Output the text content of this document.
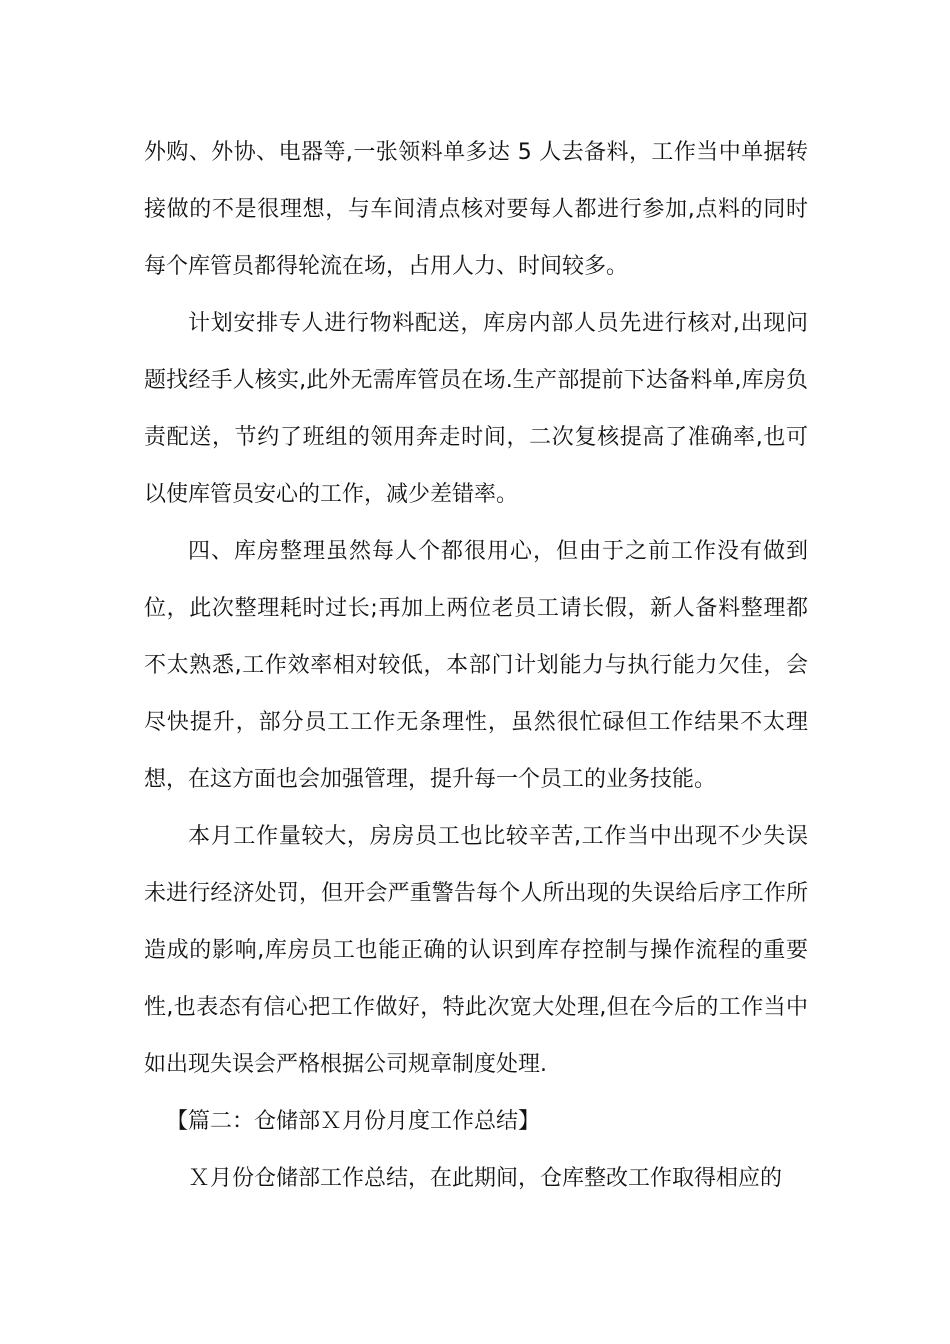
外购、外协、电器等,一张领料单多达 5 人去备料，工作当中单据转接做的不是很理想，与车间清点核对要每人都进行参加,点料的同时每个库管员都得轮流在场，占用人力、时间较多。

计划安排专人进行物料配送，库房内部人员先进行核对,出现问题找经手人核实,此外无需库管员在场.生产部提前下达备料单,库房负责配送，节约了班组的领用奔走时间，二次复核提高了准确率,也可以使库管员安心的工作，减少差错率。

四、库房整理虽然每人个都很用心，但由于之前工作没有做到位，此次整理耗时过长;再加上两位老员工请长假，新人备料整理都不太熟悉,工作效率相对较低，本部门计划能力与执行能力欠佳，会尽快提升，部分员工工作无条理性，虽然很忙碌但工作结果不太理想，在这方面也会加强管理，提升每一个员工的业务技能。

本月工作量较大，房房员工也比较辛苦,工作当中出现不少失误未进行经济处罚，但开会严重警告每个人所出现的失误给后序工作所造成的影响,库房员工也能正确的认识到库存控制与操作流程的重要性,也表态有信心把工作做好，特此次宽大处理,但在今后的工作当中如出现失误会严格根据公司规章制度处理.

【篇二：仓储部Ｘ月份月度工作总结】

Ｘ月份仓储部工作总结，在此期间，仓库整改工作取得相应的
